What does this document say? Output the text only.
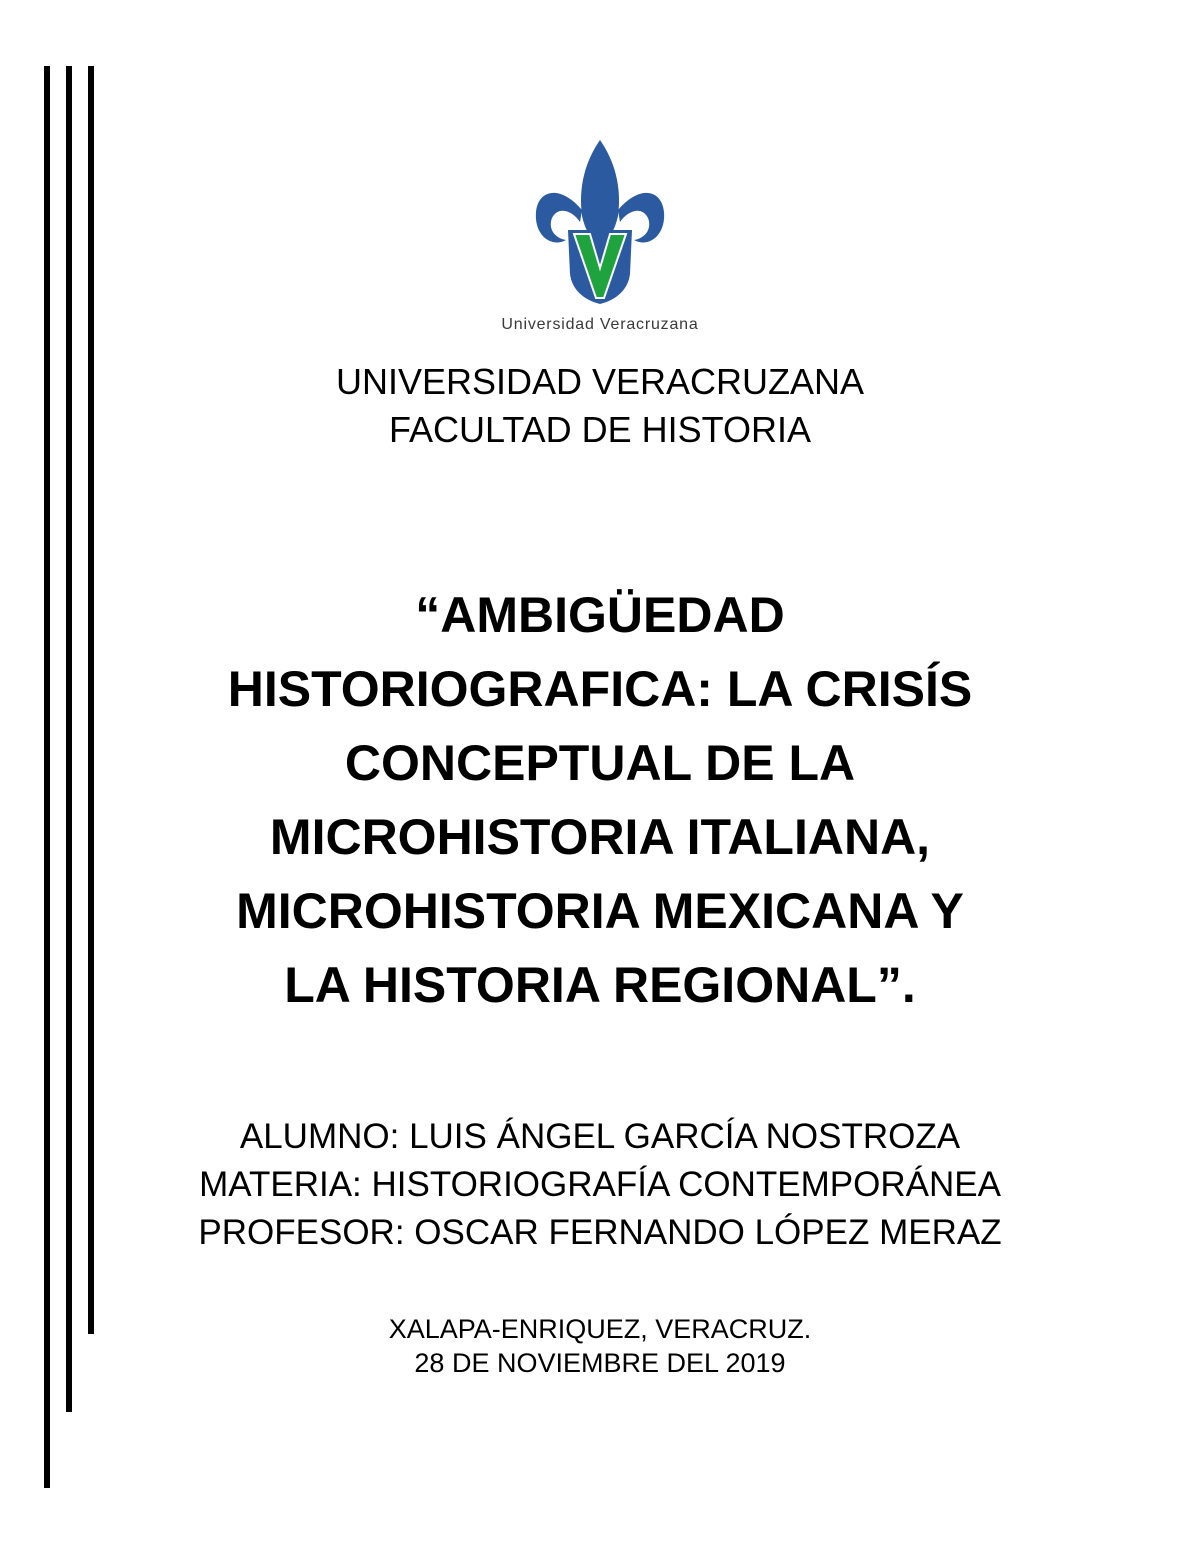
Universidad Veracruzana
UNIVERSIDAD VERACRUZANA
FACULTAD DE HISTORIA
“AMBIGÜEDAD
HISTORIOGRAFICA: LA CRISÍS
CONCEPTUAL DE LA
MICROHISTORIA ITALIANA,
MICROHISTORIA MEXICANA Y
LA HISTORIA REGIONAL”.
ALUMNO: LUIS ÁNGEL GARCÍA NOSTROZA
MATERIA: HISTORIOGRAFÍA CONTEMPORÁNEA
PROFESOR: OSCAR FERNANDO LÓPEZ MERAZ
XALAPA-ENRIQUEZ, VERACRUZ.
28 DE NOVIEMBRE DEL 2019
